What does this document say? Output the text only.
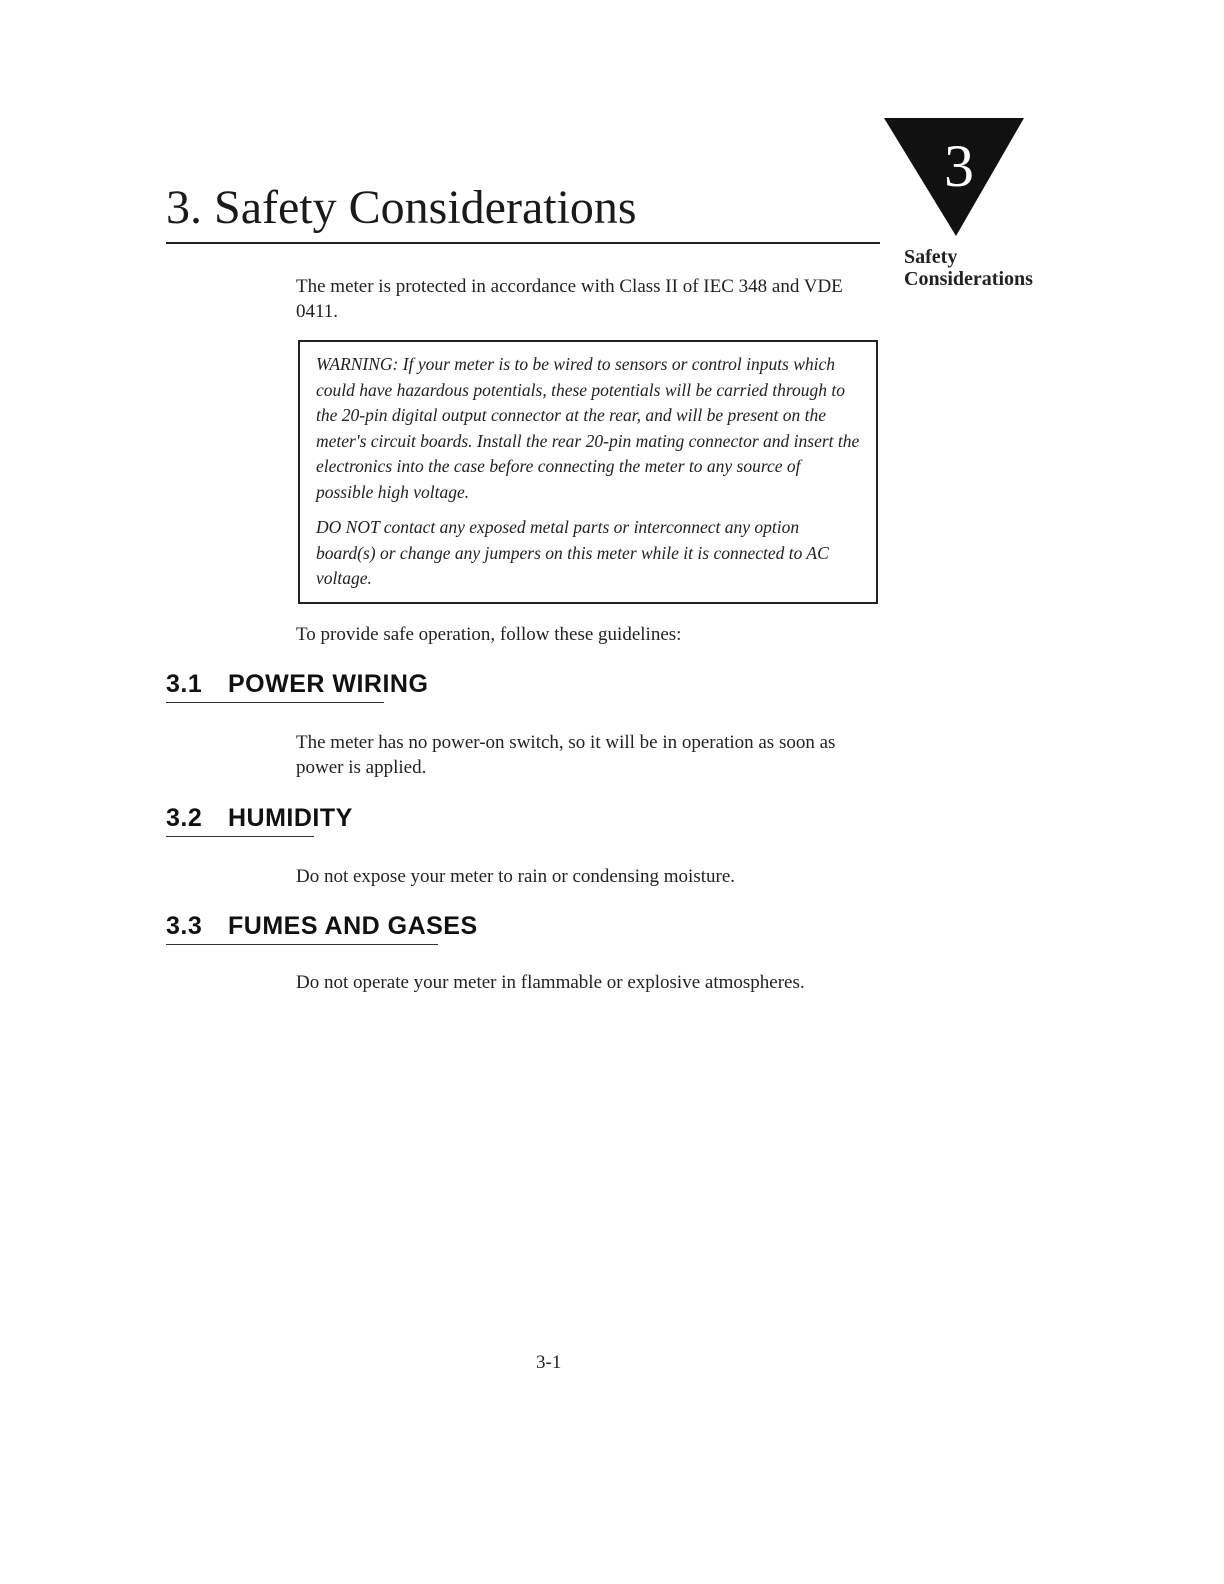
3
Safety
Considerations
3. Safety Considerations
The meter is protected in accordance with Class II of IEC 348 and VDE 0411.

WARNING: If your meter is to be wired to sensors or control inputs which could have hazardous potentials, these potentials will be carried through to the 20-pin digital output connector at the rear, and will be present on the meter's circuit boards. Install the rear 20-pin mating connector and insert the electronics into the case before connecting the meter to any source of possible high voltage.

DO NOT contact any exposed metal parts or interconnect any option board(s) or change any jumpers on this meter while it is connected to AC voltage.

To provide safe operation, follow these guidelines:
3.1 POWER WIRING
The meter has no power-on switch, so it will be in operation as soon as power is applied.
3.2 HUMIDITY
Do not expose your meter to rain or condensing moisture.
3.3 FUMES AND GASES
Do not operate your meter in flammable or explosive atmospheres.
3-1
